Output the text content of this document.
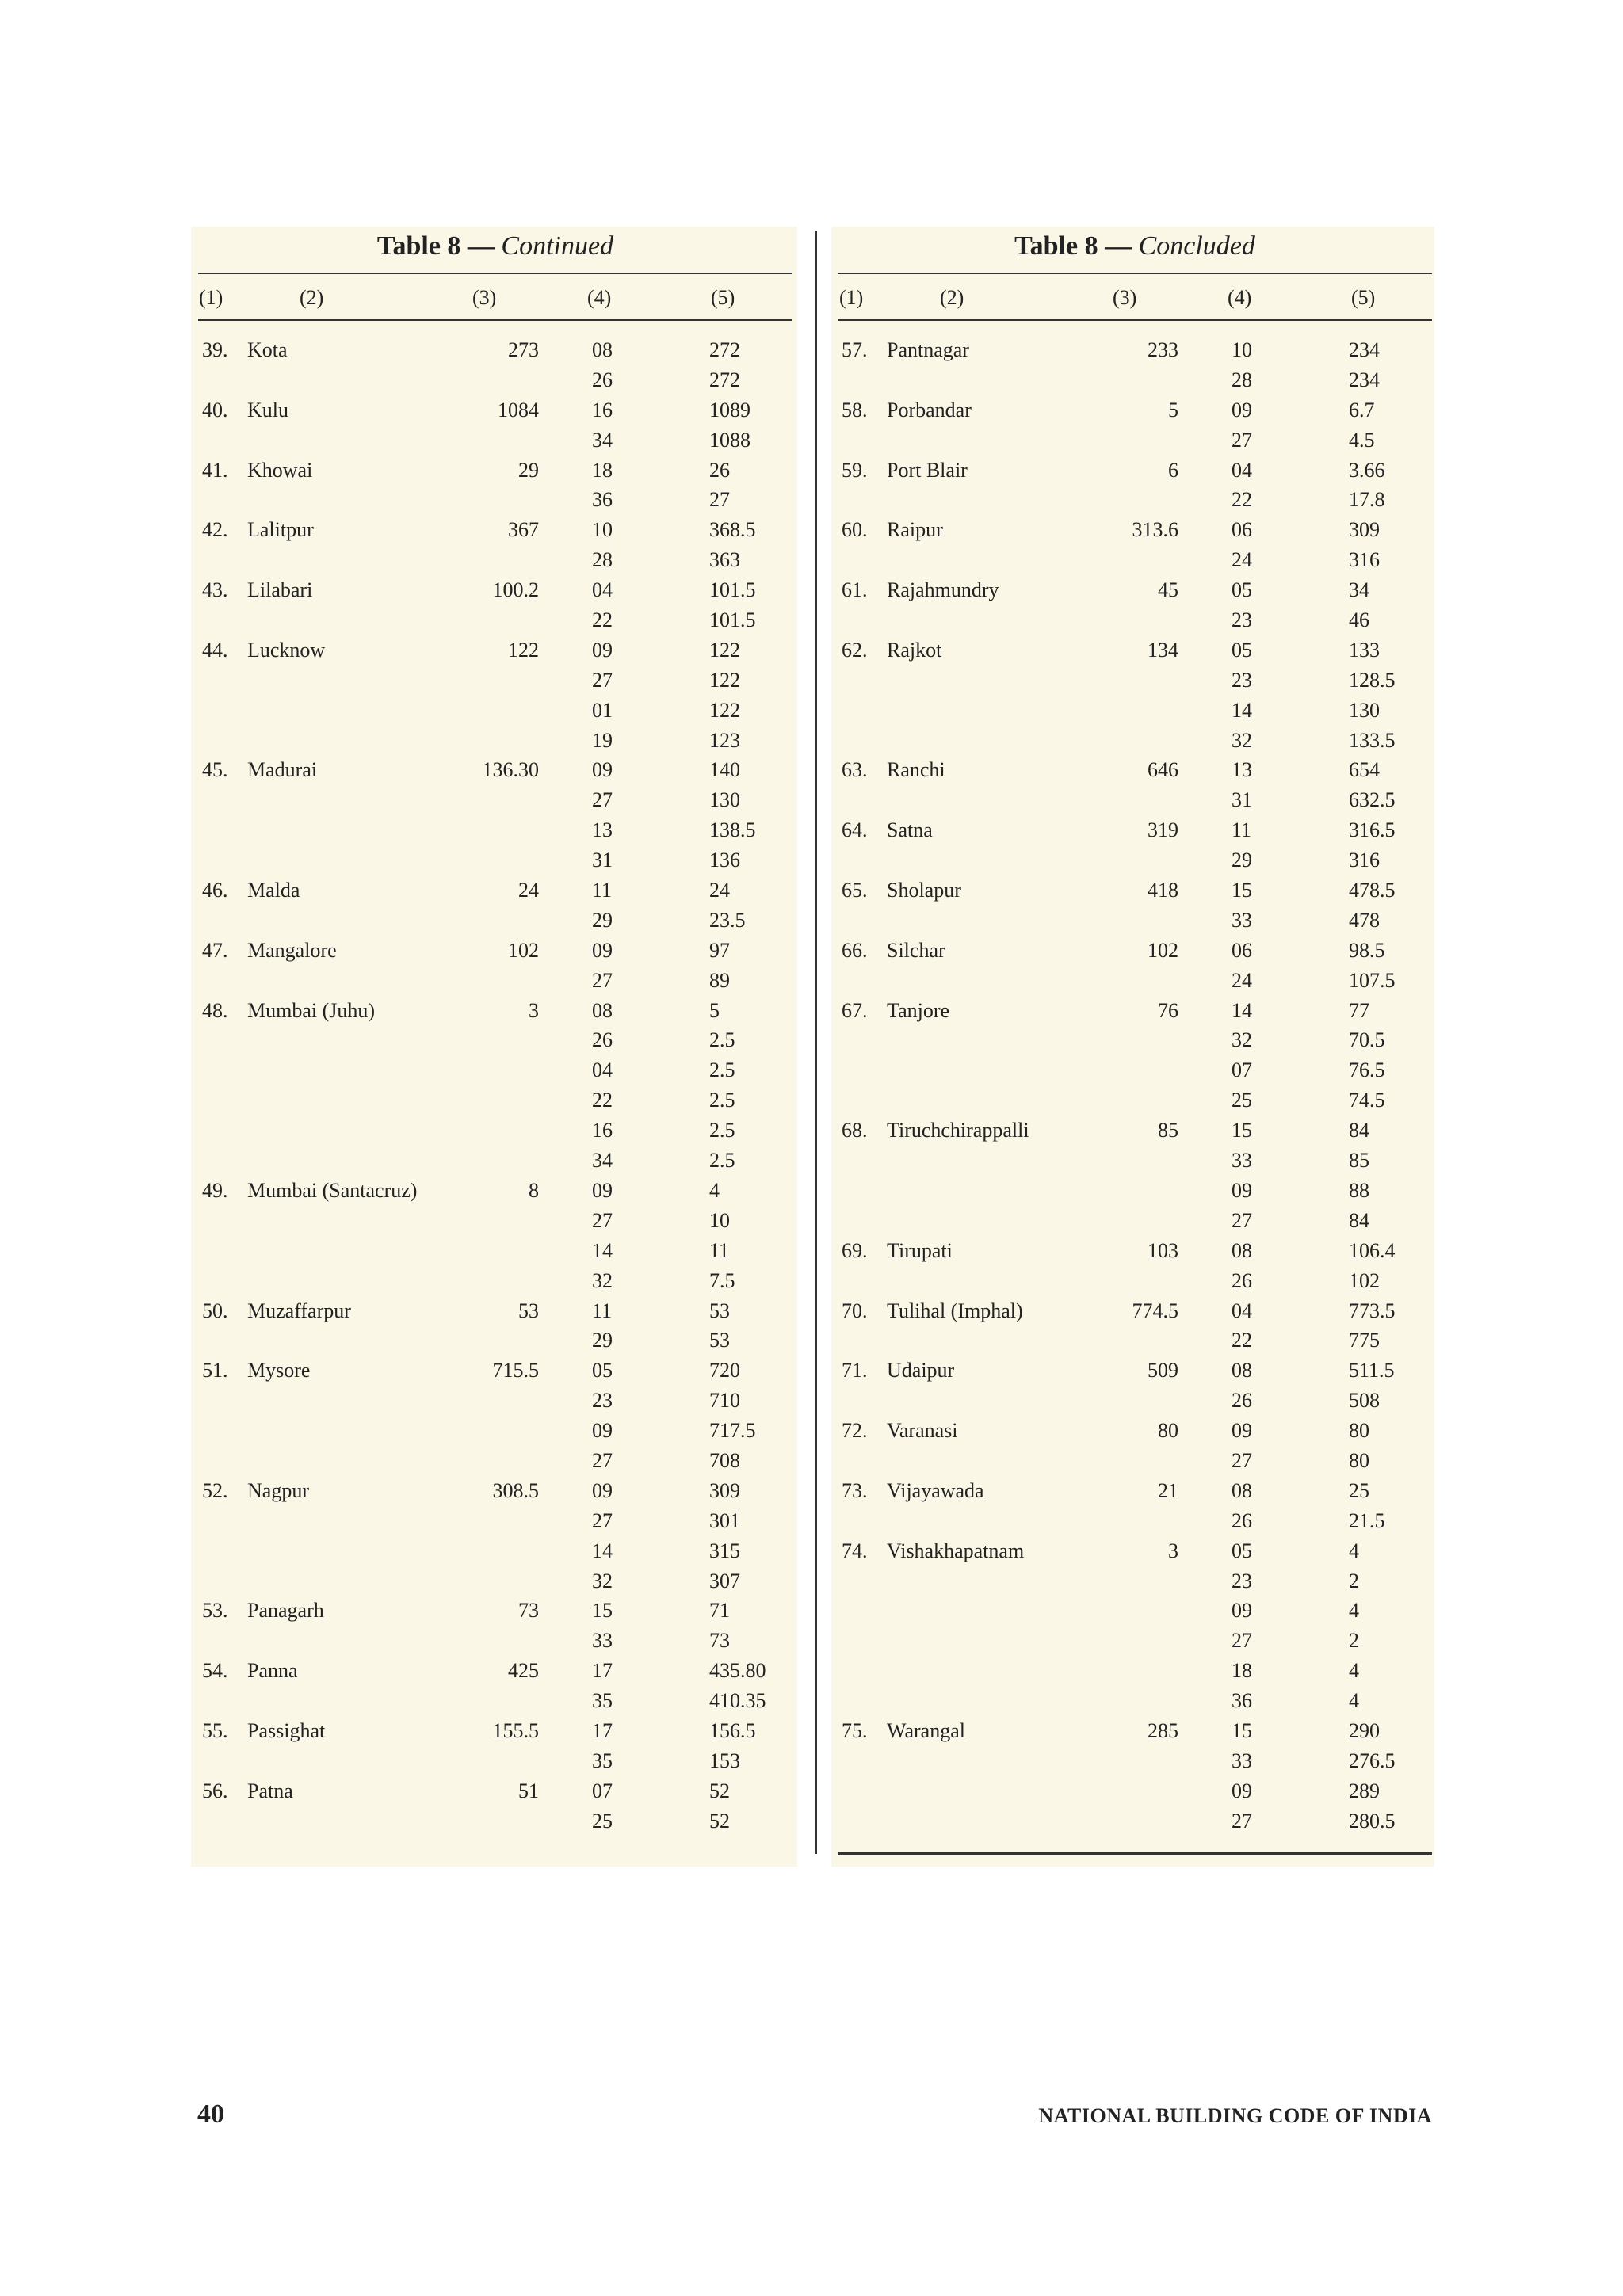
Table 8 — Continued
(1)	(2)	(3)	(4)	(5)
39. Kota	273	08	272
26	272
40. Kulu	1084	16	1089
34	1088
41. Khowai	29	18	26
36	27
42. Lalitpur	367	10	368.5
28	363
43. Lilabari	100.2	04	101.5
22	101.5
44. Lucknow	122	09	122
27	122
01	122
19	123
45. Madurai	136.30	09	140
27	130
13	138.5
31	136
46. Malda	24	11	24
29	23.5
47. Mangalore	102	09	97
27	89
48. Mumbai (Juhu)	3	08	5
26	2.5
04	2.5
22	2.5
16	2.5
34	2.5
49. Mumbai (Santacruz)	8	09	4
27	10
14	11
32	7.5
50. Muzaffarpur	53	11	53
29	53
51. Mysore	715.5	05	720
23	710
09	717.5
27	708
52. Nagpur	308.5	09	309
27	301
14	315
32	307
53. Panagarh	73	15	71
33	73
54. Panna	425	17	435.80
35	410.35
55. Passighat	155.5	17	156.5
35	153
56. Patna	51	07	52
25	52
Table 8 — Concluded
(1)	(2)	(3)	(4)	(5)
57. Pantnagar	233	10	234
28	234
58. Porbandar	5	09	6.7
27	4.5
59. Port Blair	6	04	3.66
22	17.8
60. Raipur	313.6	06	309
24	316
61. Rajahmundry	45	05	34
23	46
62. Rajkot	134	05	133
23	128.5
14	130
32	133.5
63. Ranchi	646	13	654
31	632.5
64. Satna	319	11	316.5
29	316
65. Sholapur	418	15	478.5
33	478
66. Silchar	102	06	98.5
24	107.5
67. Tanjore	76	14	77
32	70.5
07	76.5
25	74.5
68. Tiruchchirappalli	85	15	84
33	85
09	88
27	84
69. Tirupati	103	08	106.4
26	102
70. Tulihal (Imphal)	774.5	04	773.5
22	775
71. Udaipur	509	08	511.5
26	508
72. Varanasi	80	09	80
27	80
73. Vijayawada	21	08	25
26	21.5
74. Vishakhapatnam	3	05	4
23	2
09	4
27	2
18	4
36	4
75. Warangal	285	15	290
33	276.5
09	289
27	280.5
40	NATIONAL BUILDING CODE OF INDIA
